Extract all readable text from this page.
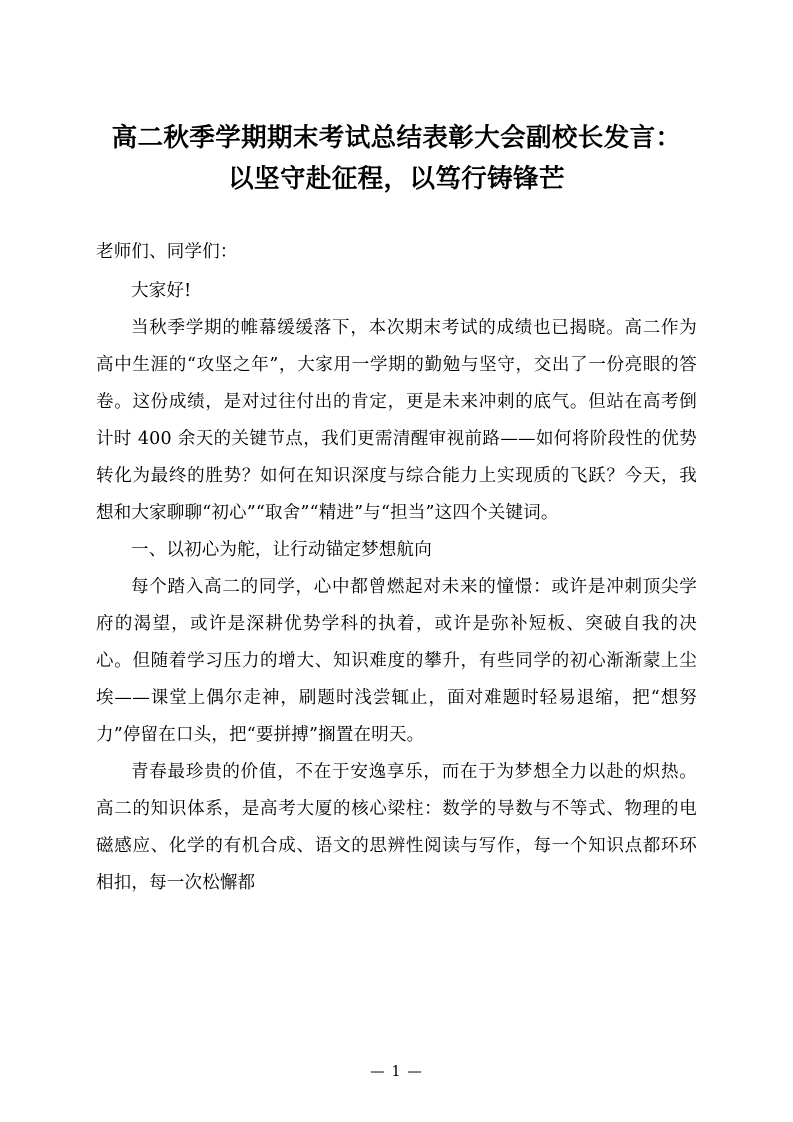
高二秋季学期期末考试总结表彰大会副校长发言：以坚守赴征程，以笃行铸锋芒

老师们、同学们：

大家好!

当秋季学期的帷幕缓缓落下，本次期末考试的成绩也已揭晓。高二作为高中生涯的“攻坚之年”，大家用一学期的勤勉与坚守，交出了一份亮眼的答卷。这份成绩，是对过往付出的肯定，更是未来冲刺的底气。但站在高考倒计时 400 余天的关键节点，我们更需清醒审视前路——如何将阶段性的优势转化为最终的胜势？如何在知识深度与综合能力上实现质的飞跃？今天，我想和大家聊聊“初心”“取舍”“精进”与“担当”这四个关键词。

一、以初心为舵，让行动锚定梦想航向

每个踏入高二的同学，心中都曾燃起对未来的憧憬：或许是冲刺顶尖学府的渴望，或许是深耕优势学科的执着，或许是弥补短板、突破自我的决心。但随着学习压力的增大、知识难度的攀升，有些同学的初心渐渐蒙上尘埃——课堂上偶尔走神，刷题时浅尝辄止，面对难题时轻易退缩，把“想努力”停留在口头，把“要拼搏”搁置在明天。

青春最珍贵的价值，不在于安逸享乐，而在于为梦想全力以赴的炽热。高二的知识体系，是高考大厦的核心梁柱：数学的导数与不等式、物理的电磁感应、化学的有机合成、语文的思辨性阅读与写作，每一个知识点都环环相扣，每一次松懈都

— 1 —
